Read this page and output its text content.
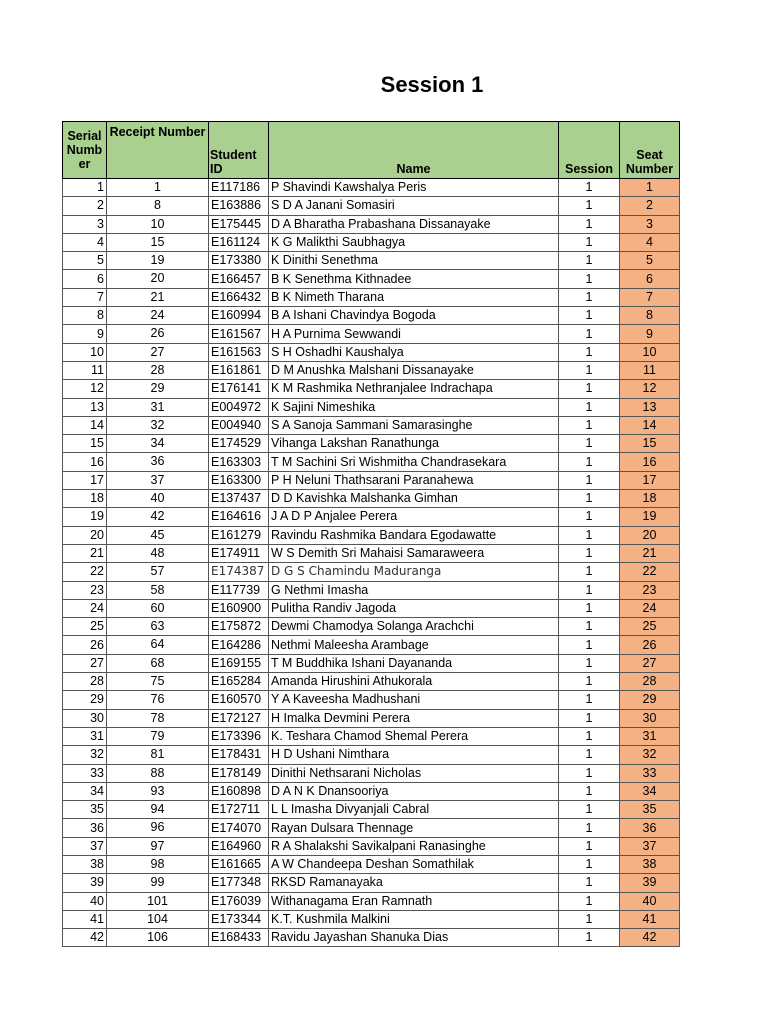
Session 1
Serial Numb er	Receipt Number	Student ID	Name	Session	Seat Number
1	1	E117186	P Shavindi Kawshalya Peris	1	1
2	8	E163886	S D A Janani Somasiri	1	2
3	10	E175445	D A Bharatha Prabashana Dissanayake	1	3
4	15	E161124	K G Malikthi Saubhagya	1	4
5	19	E173380	K Dinithi Senethma	1	5
6	20	E166457	B K Senethma Kithnadee	1	6
7	21	E166432	B K Nimeth Tharana	1	7
8	24	E160994	B A Ishani Chavindya Bogoda	1	8
9	26	E161567	H A Purnima Sewwandi	1	9
10	27	E161563	S H Oshadhi Kaushalya	1	10
11	28	E161861	D M Anushka Malshani Dissanayake	1	11
12	29	E176141	K M Rashmika Nethranjalee Indrachapa	1	12
13	31	E004972	K Sajini Nimeshika	1	13
14	32	E004940	S A Sanoja Sammani Samarasinghe	1	14
15	34	E174529	Vihanga Lakshan Ranathunga	1	15
16	36	E163303	T M Sachini Sri Wishmitha Chandrasekara	1	16
17	37	E163300	P H Neluni Thathsarani Paranahewa	1	17
18	40	E137437	D D Kavishka Malshanka Gimhan	1	18
19	42	E164616	J A D P Anjalee Perera	1	19
20	45	E161279	Ravindu Rashmika Bandara Egodawatte	1	20
21	48	E174911	W S Demith Sri Mahaisi Samaraweera	1	21
22	57	E174387	D G S Chamindu Maduranga	1	22
23	58	E117739	G Nethmi Imasha	1	23
24	60	E160900	Pulitha Randiv Jagoda	1	24
25	63	E175872	Dewmi Chamodya Solanga Arachchi	1	25
26	64	E164286	Nethmi Maleesha Arambage	1	26
27	68	E169155	T M Buddhika Ishani Dayananda	1	27
28	75	E165284	Amanda Hirushini Athukorala	1	28
29	76	E160570	Y A Kaveesha Madhushani	1	29
30	78	E172127	H Imalka Devmini Perera	1	30
31	79	E173396	K. Teshara Chamod Shemal Perera	1	31
32	81	E178431	H D Ushani Nimthara	1	32
33	88	E178149	Dinithi Nethsarani Nicholas	1	33
34	93	E160898	D A N K Dnansooriya	1	34
35	94	E172711	L L Imasha Divyanjali Cabral	1	35
36	96	E174070	Rayan Dulsara Thennage	1	36
37	97	E164960	R A Shalakshi Savikalpani Ranasinghe	1	37
38	98	E161665	A W Chandeepa Deshan Somathilak	1	38
39	99	E177348	RKSD Ramanayaka	1	39
40	101	E176039	Withanagama Eran Ramnath	1	40
41	104	E173344	K.T. Kushmila Malkini	1	41
42	106	E168433	Ravidu Jayashan Shanuka Dias	1	42
